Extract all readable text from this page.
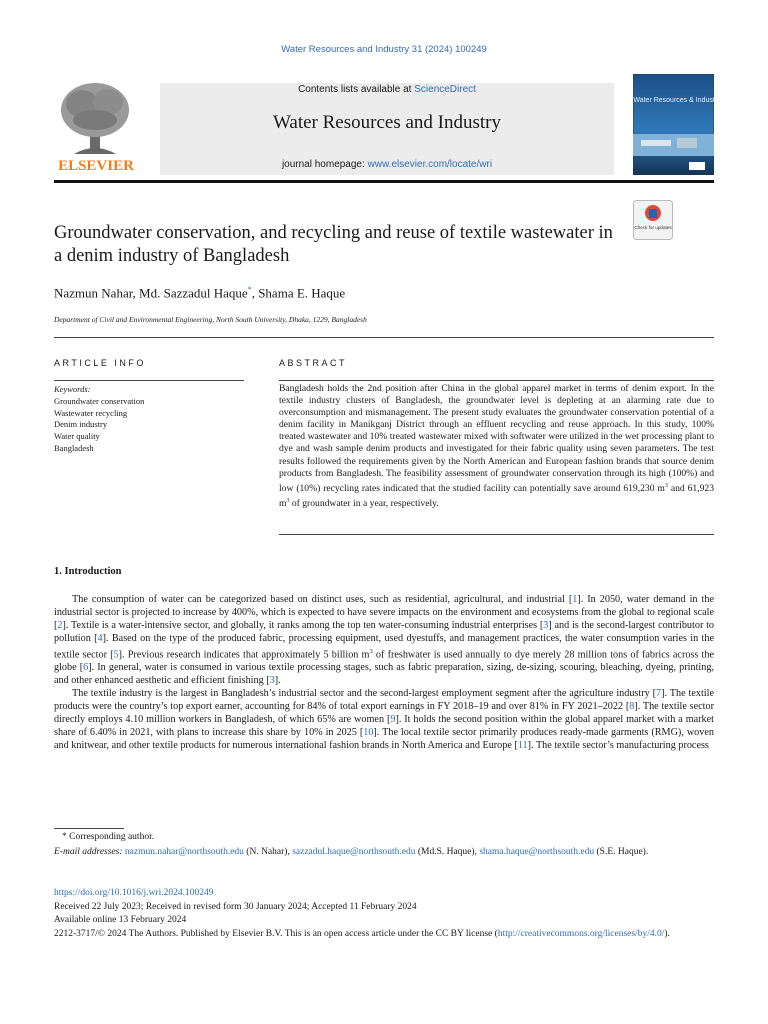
Water Resources and Industry 31 (2024) 100249
ELSEVIER
Contents lists available at ScienceDirect
Water Resources and Industry
journal homepage: www.elsevier.com/locate/wri
Water Resources & Industry
Check for updates
Groundwater conservation, and recycling and reuse of textile wastewater in a denim industry of Bangladesh
Nazmun Nahar, Md. Sazzadul Haque*, Shama E. Haque
Department of Civil and Environmental Engineering, North South University, Dhaka, 1229, Bangladesh
ARTICLE INFO
Keywords:
Groundwater conservation
Wastewater recycling
Denim industry
Water quality
Bangladesh
ABSTRACT
Bangladesh holds the 2nd position after China in the global apparel market in terms of denim export. In the textile industry clusters of Bangladesh, the groundwater level is depleting at an alarming rate due to overconsumption and mismanagement. The present study evaluates the groundwater conservation potential of a denim facility in Manikganj District through an effluent recycling and reuse approach. In this study, 100% treated wastewater and 10% treated wastewater mixed with softwater were utilized in the wet processing plant to dye and wash sample denim products and investigated for their fabric quality using seven parameters. The test results followed the requirements given by the North American and European fashion brands that source denim products from Bangladesh. The feasibility assessment of groundwater conservation through its high (100%) and low (10%) recycling rates indicated that the studied facility can potentially save around 619,230 $m^3$ and 61,923 $m^3$ of groundwater in a year, respectively.
1. Introduction

The consumption of water can be categorized based on distinct uses, such as residential, agricultural, and industrial [1]. In 2050, water demand in the industrial sector is projected to increase by 400%, which is expected to have severe impacts on the environment and ecosystems from the global to regional scale [2]. Textile is a water-intensive sector, and globally, it ranks among the top ten water-consuming industrial enterprises [3] and is the second-largest contributor to pollution [4]. Based on the type of the produced fabric, processing equipment, used dyestuffs, and management practices, the water consumption varies in the textile sector [5]. Previous research indicates that approximately 5 billion $m^3$ of freshwater is used annually to dye merely 28 million tons of fabrics across the globe [6]. In general, water is consumed in various textile processing stages, such as fabric preparation, sizing, de-sizing, scouring, bleaching, dyeing, printing, and other enhanced aesthetic and efficient finishing [3].

The textile industry is the largest in Bangladesh’s industrial sector and the second-largest employment segment after the agriculture industry [7]. The textile products were the country’s top export earner, accounting for 84% of total export earnings in FY 2018–19 and over 81% in FY 2021–2022 [8]. The textile sector directly employs 4.10 million workers in Bangladesh, of which 65% are women [9]. It holds the second position within the global apparel market with a market share of 6.40% in 2021, with plans to increase this share by 10% in 2025 [10]. The local textile sector primarily produces ready-made garments (RMG), woven and knitwear, and other textile products for numerous international fashion brands in North America and Europe [11]. The textile sector’s manufacturing process

* Corresponding author.
E-mail addresses: nazmun.nahar@northsouth.edu (N. Nahar), sazzadul.haque@northsouth.edu (Md.S. Haque), shama.haque@northsouth.edu (S.E. Haque).
https://doi.org/10.1016/j.wri.2024.100249
Received 22 July 2023; Received in revised form 30 January 2024; Accepted 11 February 2024
Available online 13 February 2024
2212-3717/© 2024 The Authors. Published by Elsevier B.V. This is an open access article under the CC BY license (http://creativecommons.org/licenses/by/4.0/).
